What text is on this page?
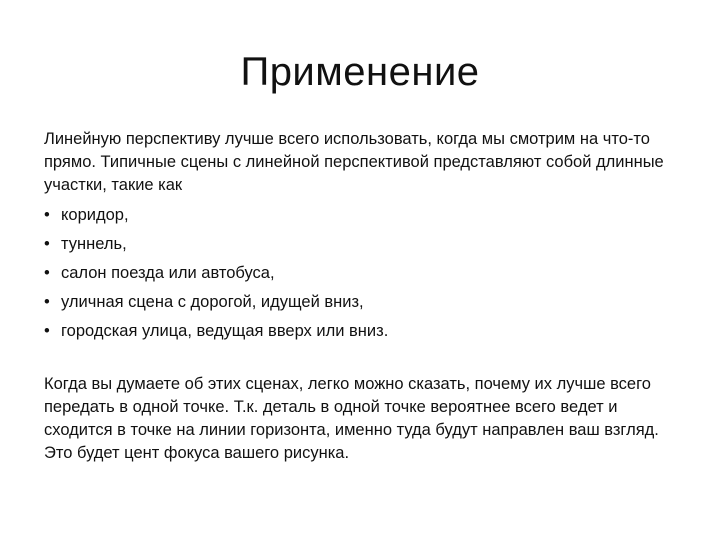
Применение

Линейную перспективу лучше всего использовать, когда мы смотрим на что-то прямо. Типичные сцены с линейной перспективой представляют собой длинные участки, такие как

• коридор,
• туннель,
• салон поезда или автобуса,
• уличная сцена с дорогой, идущей вниз,
• городская улица, ведущая вверх или вниз.

Когда вы думаете об этих сценах, легко можно сказать, почему их лучше всего передать в одной точке. Т.к. деталь в одной точке вероятнее всего ведет и сходится в точке на линии горизонта, именно туда будут направлен ваш взгляд. Это будет цент фокуса вашего рисунка.
